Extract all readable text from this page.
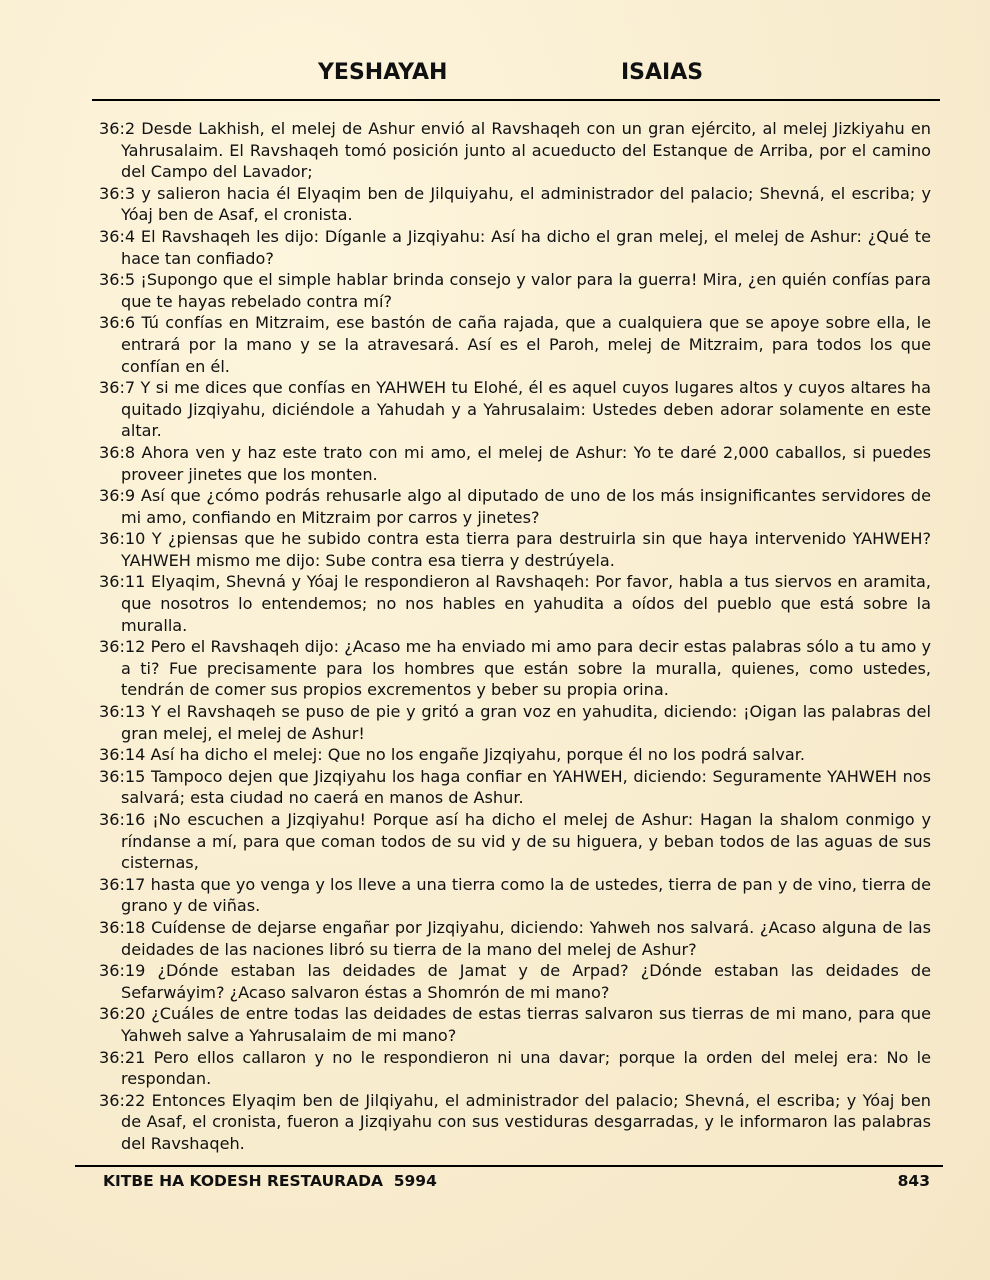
YESHAYAH	ISAIAS

36:2 Desde Lakhish, el melej de Ashur envió al Ravshaqeh con un gran ejército, al melej Jizkiyahu en Yahrusalaim. El Ravshaqeh tomó posición junto al acueducto del Estanque de Arriba, por el camino del Campo del Lavador;

36:3 y salieron hacia él Elyaqim ben de Jilquiyahu, el administrador del palacio; Shevná, el escriba; y Yóaj ben de Asaf, el cronista.

36:4 El Ravshaqeh les dijo: Díganle a Jizqiyahu: Así ha dicho el gran melej, el melej de Ashur: ¿Qué te hace tan confiado?

36:5 ¡Supongo que el simple hablar brinda consejo y valor para la guerra! Mira, ¿en quién confías para que te hayas rebelado contra mí?

36:6 Tú confías en Mitzraim, ese bastón de caña rajada, que a cualquiera que se apoye sobre ella, le entrará por la mano y se la atravesará. Así es el Paroh, melej de Mitzraim, para todos los que confían en él.

36:7 Y si me dices que confías en YAHWEH tu Elohé, él es aquel cuyos lugares altos y cuyos altares ha quitado Jizqiyahu, diciéndole a Yahudah y a Yahrusalaim: Ustedes deben adorar solamente en este altar.

36:8 Ahora ven y haz este trato con mi amo, el melej de Ashur: Yo te daré 2,000 caballos, si puedes proveer jinetes que los monten.

36:9 Así que ¿cómo podrás rehusarle algo al diputado de uno de los más insignificantes servidores de mi amo, confiando en Mitzraim por carros y jinetes?

36:10 Y ¿piensas que he subido contra esta tierra para destruirla sin que haya intervenido YAHWEH? YAHWEH mismo me dijo: Sube contra esa tierra y destrúyela.

36:11 Elyaqim, Shevná y Yóaj le respondieron al Ravshaqeh: Por favor, habla a tus siervos en aramita, que nosotros lo entendemos; no nos hables en yahudita a oídos del pueblo que está sobre la muralla.

36:12 Pero el Ravshaqeh dijo: ¿Acaso me ha enviado mi amo para decir estas palabras sólo a tu amo y a ti? Fue precisamente para los hombres que están sobre la muralla, quienes, como ustedes, tendrán de comer sus propios excrementos y beber su propia orina.

36:13 Y el Ravshaqeh se puso de pie y gritó a gran voz en yahudita, diciendo: ¡Oigan las palabras del gran melej, el melej de Ashur!

36:14 Así ha dicho el melej: Que no los engañe Jizqiyahu, porque él no los podrá salvar.

36:15 Tampoco dejen que Jizqiyahu los haga confiar en YAHWEH, diciendo: Seguramente YAHWEH nos salvará; esta ciudad no caerá en manos de Ashur.

36:16 ¡No escuchen a Jizqiyahu! Porque así ha dicho el melej de Ashur: Hagan la shalom conmigo y ríndanse a mí, para que coman todos de su vid y de su higuera, y beban todos de las aguas de sus cisternas,

36:17 hasta que yo venga y los lleve a una tierra como la de ustedes, tierra de pan y de vino, tierra de grano y de viñas.

36:18 Cuídense de dejarse engañar por Jizqiyahu, diciendo: Yahweh nos salvará. ¿Acaso alguna de las deidades de las naciones libró su tierra de la mano del melej de Ashur?

36:19 ¿Dónde estaban las deidades de Jamat y de Arpad? ¿Dónde estaban las deidades de Sefarwáyim? ¿Acaso salvaron éstas a Shomrón de mi mano?

36:20 ¿Cuáles de entre todas las deidades de estas tierras salvaron sus tierras de mi mano, para que Yahweh salve a Yahrusalaim de mi mano?

36:21 Pero ellos callaron y no le respondieron ni una davar; porque la orden del melej era: No le respondan.

36:22 Entonces Elyaqim ben de Jilqiyahu, el administrador del palacio; Shevná, el escriba; y Yóaj ben de Asaf, el cronista, fueron a Jizqiyahu con sus vestiduras desgarradas, y le informaron las palabras del Ravshaqeh.

KITBE HA KODESH RESTAURADA  5994	843
